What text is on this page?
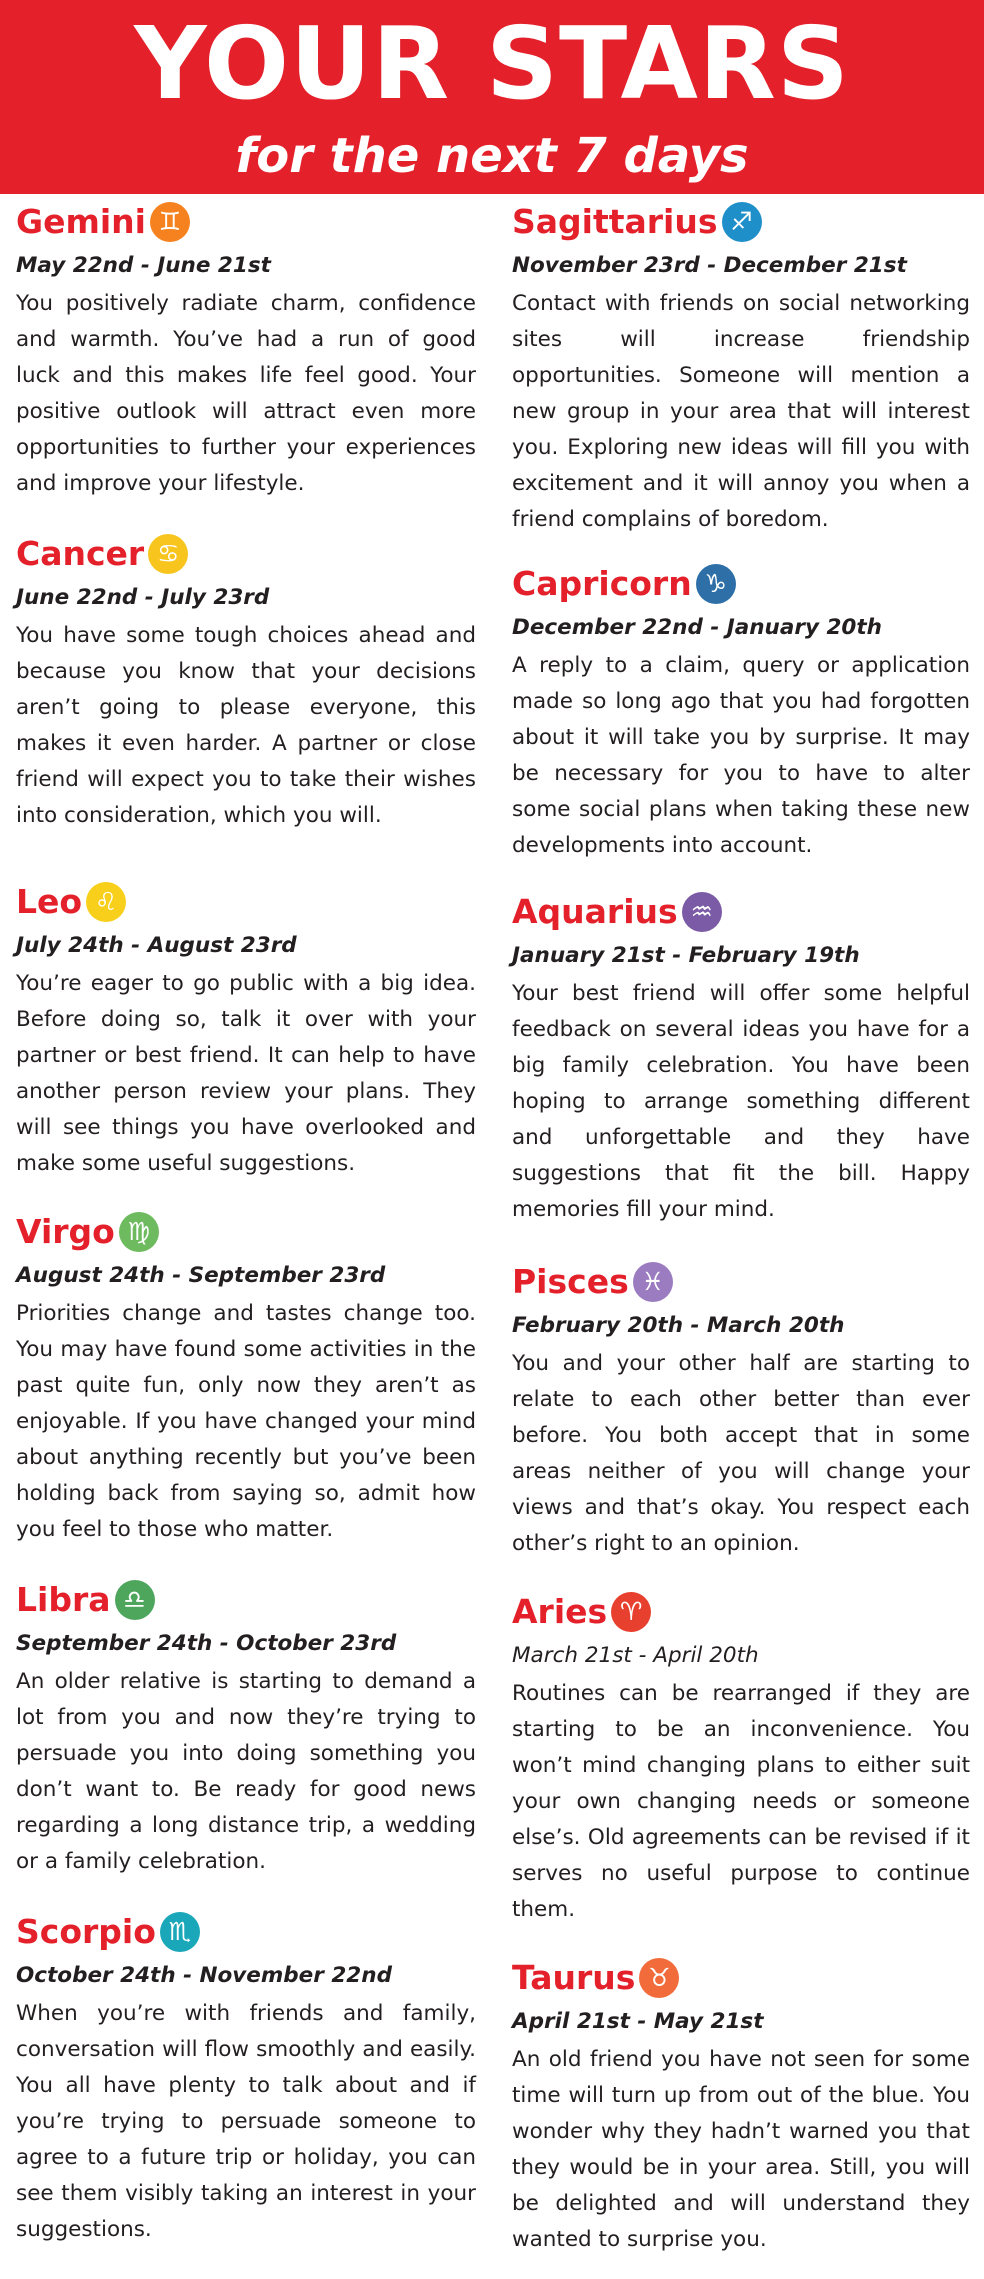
YOUR STARS
for the next 7 days
Gemini ♊
May 22nd - June 21st
You positively radiate charm, confidence and warmth. You’ve had a run of good luck and this makes life feel good. Your positive outlook will attract even more opportunities to further your experiences and improve your lifestyle.
Cancer ♋
June 22nd - July 23rd
You have some tough choices ahead and because you know that your decisions aren’t going to please everyone, this makes it even harder. A partner or close friend will expect you to take their wishes into consideration, which you will.
Leo ♌
July 24th - August 23rd
You’re eager to go public with a big idea. Before doing so, talk it over with your partner or best friend. It can help to have another person review your plans. They will see things you have overlooked and make some useful suggestions.
Virgo ♍
August 24th - September 23rd
Priorities change and tastes change too. You may have found some activities in the past quite fun, only now they aren’t as enjoyable. If you have changed your mind about anything recently but you’ve been holding back from saying so, admit how you feel to those who matter.
Libra ♎
September 24th - October 23rd
An older relative is starting to demand a lot from you and now they’re trying to persuade you into doing something you don’t want to. Be ready for good news regarding a long distance trip, a wedding or a family celebration.
Scorpio ♏
October 24th - November 22nd
When you’re with friends and family, conversation will flow smoothly and easily. You all have plenty to talk about and if you’re trying to persuade someone to agree to a future trip or holiday, you can see them visibly taking an interest in your suggestions.
Sagittarius ♐
November 23rd - December 21st
Contact with friends on social networking sites will increase friendship opportunities. Someone will mention a new group in your area that will interest you. Exploring new ideas will fill you with excitement and it will annoy you when a friend complains of boredom.
Capricorn ♑
December 22nd - January 20th
A reply to a claim, query or application made so long ago that you had forgotten about it will take you by surprise. It may be necessary for you to have to alter some social plans when taking these new developments into account.
Aquarius ♒
January 21st - February 19th
Your best friend will offer some helpful feedback on several ideas you have for a big family celebration. You have been hoping to arrange something different and unforgettable and they have suggestions that fit the bill. Happy memories fill your mind.
Pisces ♓
February 20th - March 20th
You and your other half are starting to relate to each other better than ever before. You both accept that in some areas neither of you will change your views and that’s okay. You respect each other’s right to an opinion.
Aries ♈
March 21st - April 20th
Routines can be rearranged if they are starting to be an inconvenience. You won’t mind changing plans to either suit your own changing needs or someone else’s. Old agreements can be revised if it serves no useful purpose to continue them.
Taurus ♉
April 21st - May 21st
An old friend you have not seen for some time will turn up from out of the blue. You wonder why they hadn’t warned you that they would be in your area. Still, you will be delighted and will understand they wanted to surprise you.
